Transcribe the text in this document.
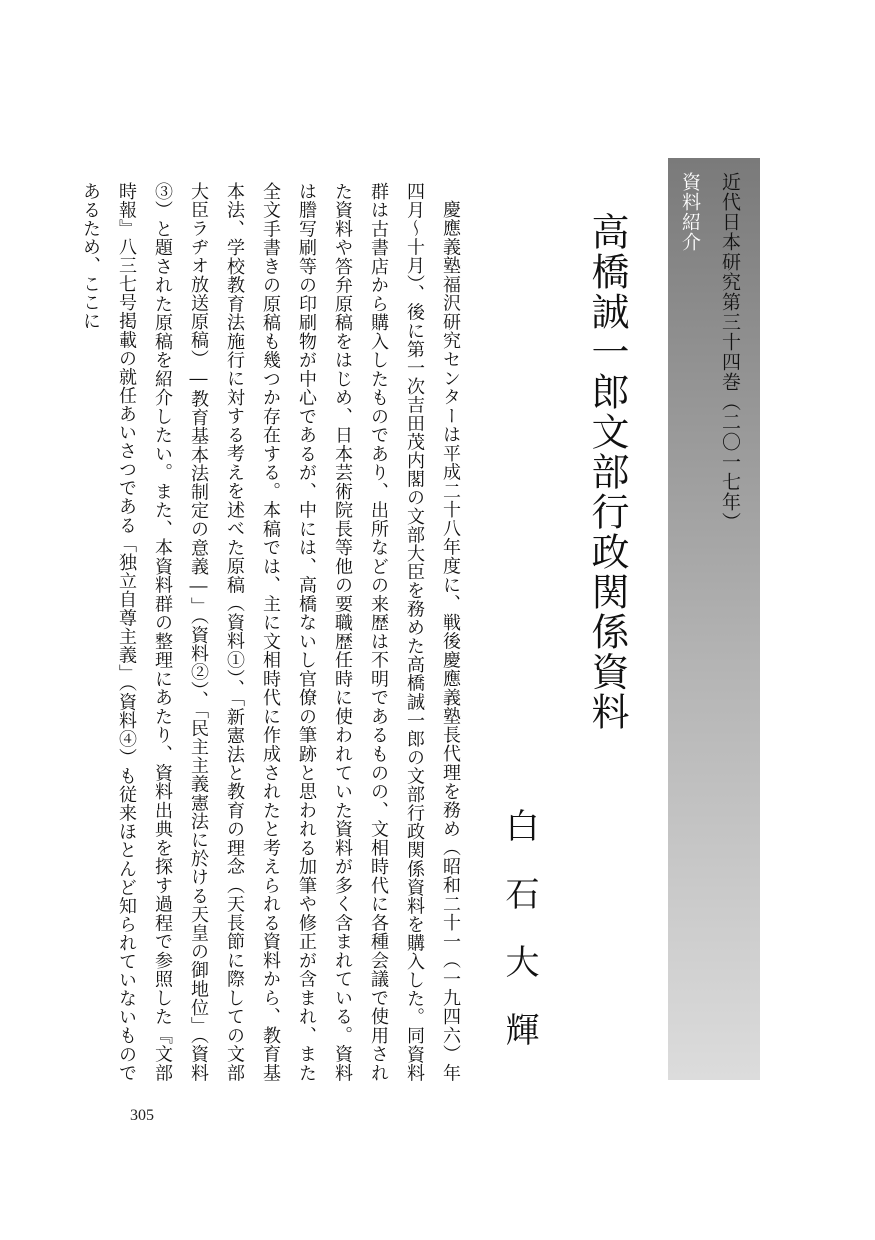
近代日本研究第三十四巻（二〇一七年）
資料紹介
高橋誠一郎文部行政関係資料
白石大輝

慶應義塾福沢研究センターは平成二十八年度に、戦後慶應義塾長代理を務め（昭和二十一（一九四六）年四月〜十月）、後に第一次吉田茂内閣の文部大臣を務めた高橋誠一郎の文部行政関係資料を購入した。同資料群は古書店から購入したものであり、出所などの来歴は不明であるものの、文相時代に各種会議で使用された資料や答弁原稿をはじめ、日本芸術院長等他の要職歴任時に使われていた資料が多く含まれている。資料は謄写刷等の印刷物が中心であるが、中には、高橋ないし官僚の筆跡と思われる加筆や修正が含まれ、また全文手書きの原稿も幾つか存在する。本稿では、主に文相時代に作成されたと考えられる資料から、教育基本法、学校教育法施行に対する考えを述べた原稿（資料①）、「新憲法と教育の理念（天長節に際しての文部大臣ラヂオ放送原稿）―教育基本法制定の意義―」（資料②）、「民主主義憲法に於ける天皇の御地位」（資料③）と題された原稿を紹介したい。また、本資料群の整理にあたり、資料出典を探す過程で参照した『文部時報』八三七号掲載の就任あいさつである「独立自尊主義」（資料④）も従来ほとんど知られていないものであるため、ここに

305
